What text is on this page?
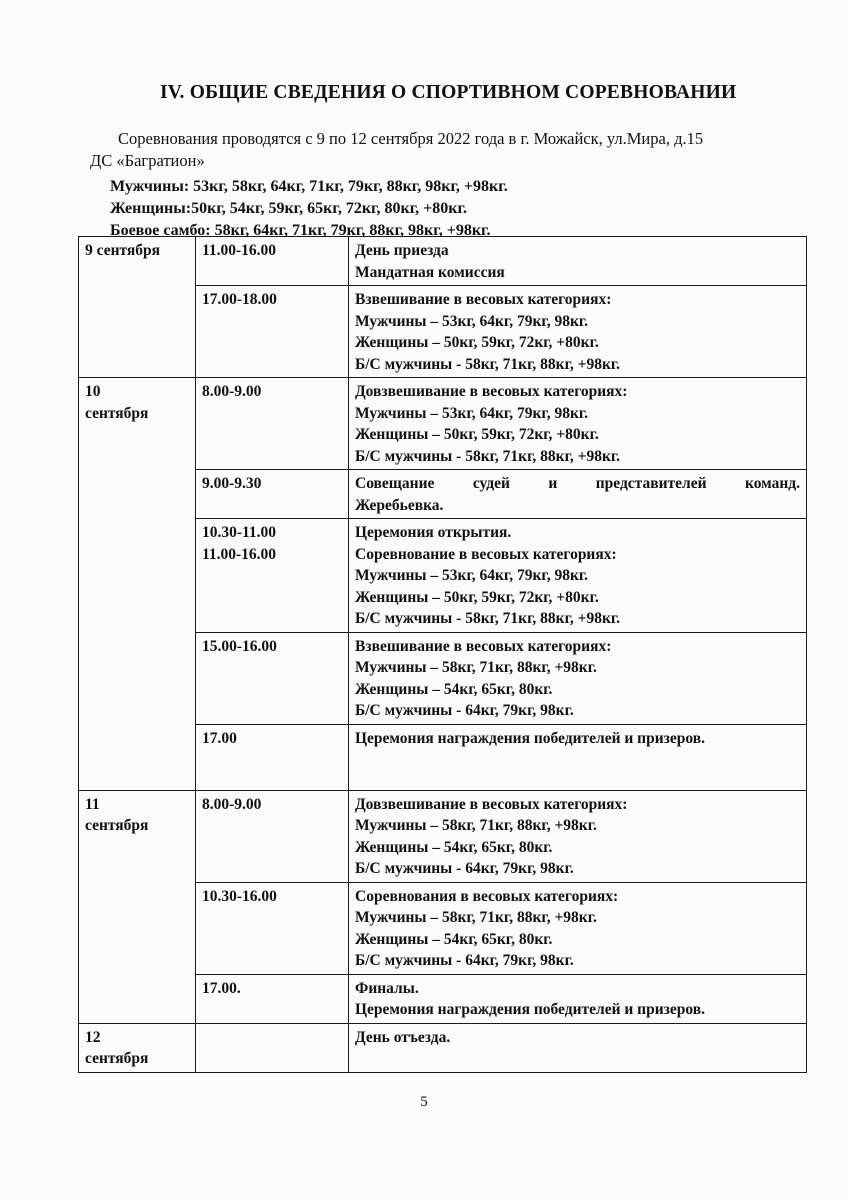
IV. ОБЩИЕ СВЕДЕНИЯ О СПОРТИВНОМ СОРЕВНОВАНИИ
Соревнования проводятся с 9 по 12 сентября 2022 года в г. Можайск, ул.Мира, д.15
ДС «Багратион»
Мужчины: 53кг, 58кг, 64кг, 71кг, 79кг, 88кг, 98кг, +98кг.
Женщины:50кг, 54кг, 59кг, 65кг, 72кг, 80кг, +80кг.
Боевое самбо: 58кг, 64кг, 71кг, 79кг, 88кг, 98кг, +98кг.
9 сентября	11.00-16.00	День приезда
Мандатная комиссия

	17.00-18.00	Взвешивание в весовых категориях:
Мужчины – 53кг, 64кг, 79кг, 98кг.
Женщины – 50кг, 59кг, 72кг, +80кг.
Б/С мужчины - 58кг, 71кг, 88кг, +98кг.

10
сентября	8.00-9.00	Довзвешивание в весовых категориях:
Мужчины – 53кг, 64кг, 79кг, 98кг.
Женщины – 50кг, 59кг, 72кг, +80кг.
Б/С мужчины - 58кг, 71кг, 88кг, +98кг.

	9.00-9.30	Совещание судей и представителей команд.
Жеребьевка.

	10.30-11.00
11.00-16.00	Церемония открытия.
Соревнование в весовых категориях:
Мужчины – 53кг, 64кг, 79кг, 98кг.
Женщины – 50кг, 59кг, 72кг, +80кг.
Б/С мужчины - 58кг, 71кг, 88кг, +98кг.

	15.00-16.00	Взвешивание в весовых категориях:
Мужчины – 58кг, 71кг, 88кг, +98кг.
Женщины – 54кг, 65кг, 80кг.
Б/С мужчины - 64кг, 79кг, 98кг.

	17.00	Церемония награждения победителей и призеров.

11
сентября	8.00-9.00	Довзвешивание в весовых категориях:
Мужчины – 58кг, 71кг, 88кг, +98кг.
Женщины – 54кг, 65кг, 80кг.
Б/С мужчины - 64кг, 79кг, 98кг.

	10.30-16.00	Соревнования в весовых категориях:
Мужчины – 58кг, 71кг, 88кг, +98кг.
Женщины – 54кг, 65кг, 80кг.
Б/С мужчины - 64кг, 79кг, 98кг.

	17.00.	Финалы.
Церемония награждения победителей и призеров.

12
сентября		День отъезда.
5
